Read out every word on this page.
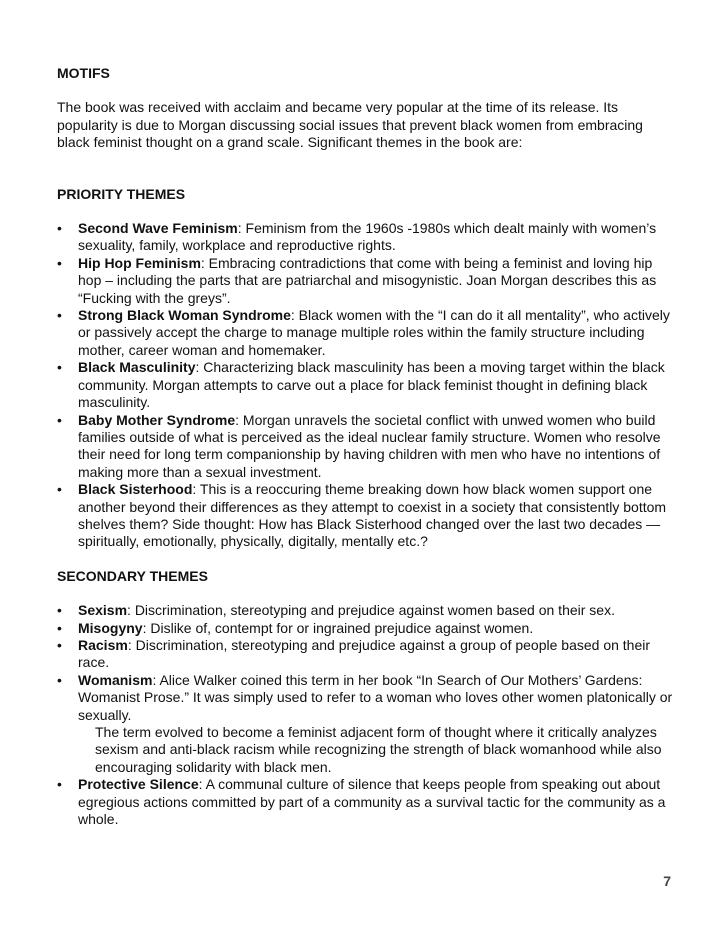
MOTIFS

The book was received with acclaim and became very popular at the time of its release. Its popularity is due to Morgan discussing social issues that prevent black women from embracing black feminist thought on a grand scale. Significant themes in the book are:

PRIORITY THEMES
• Second Wave Feminism: Feminism from the 1960s -1980s which dealt mainly with women’s sexuality, family, workplace and reproductive rights.
• Hip Hop Feminism: Embracing contradictions that come with being a feminist and loving hip hop – including the parts that are patriarchal and misogynistic. Joan Morgan describes this as “Fucking with the greys”.
• Strong Black Woman Syndrome: Black women with the “I can do it all mentality”, who actively or passively accept the charge to manage multiple roles within the family structure including mother, career woman and homemaker.
• Black Masculinity: Characterizing black masculinity has been a moving target within the black community. Morgan attempts to carve out a place for black feminist thought in defining black masculinity.
• Baby Mother Syndrome: Morgan unravels the societal conflict with unwed women who build families outside of what is perceived as the ideal nuclear family structure. Women who resolve their need for long term companionship by having children with men who have no intentions of making more than a sexual investment.
• Black Sisterhood: This is a reoccuring theme breaking down how black women support one another beyond their differences as they attempt to coexist in a society that consistently bottom shelves them? Side thought: How has Black Sisterhood changed over the last two decades — spiritually, emotionally, physically, digitally, mentally etc.?
SECONDARY THEMES
• Sexism: Discrimination, stereotyping and prejudice against women based on their sex.
• Misogyny: Dislike of, contempt for or ingrained prejudice against women.
• Racism: Discrimination, stereotyping and prejudice against a group of people based on their race.
• Womanism: Alice Walker coined this term in her book “In Search of Our Mothers’ Gardens: Womanist Prose.” It was simply used to refer to a woman who loves other women platonically or sexually.
The term evolved to become a feminist adjacent form of thought where it critically analyzes sexism and anti-black racism while recognizing the strength of black womanhood while also encouraging solidarity with black men.
• Protective Silence: A communal culture of silence that keeps people from speaking out about egregious actions committed by part of a community as a survival tactic for the community as a whole.
7
